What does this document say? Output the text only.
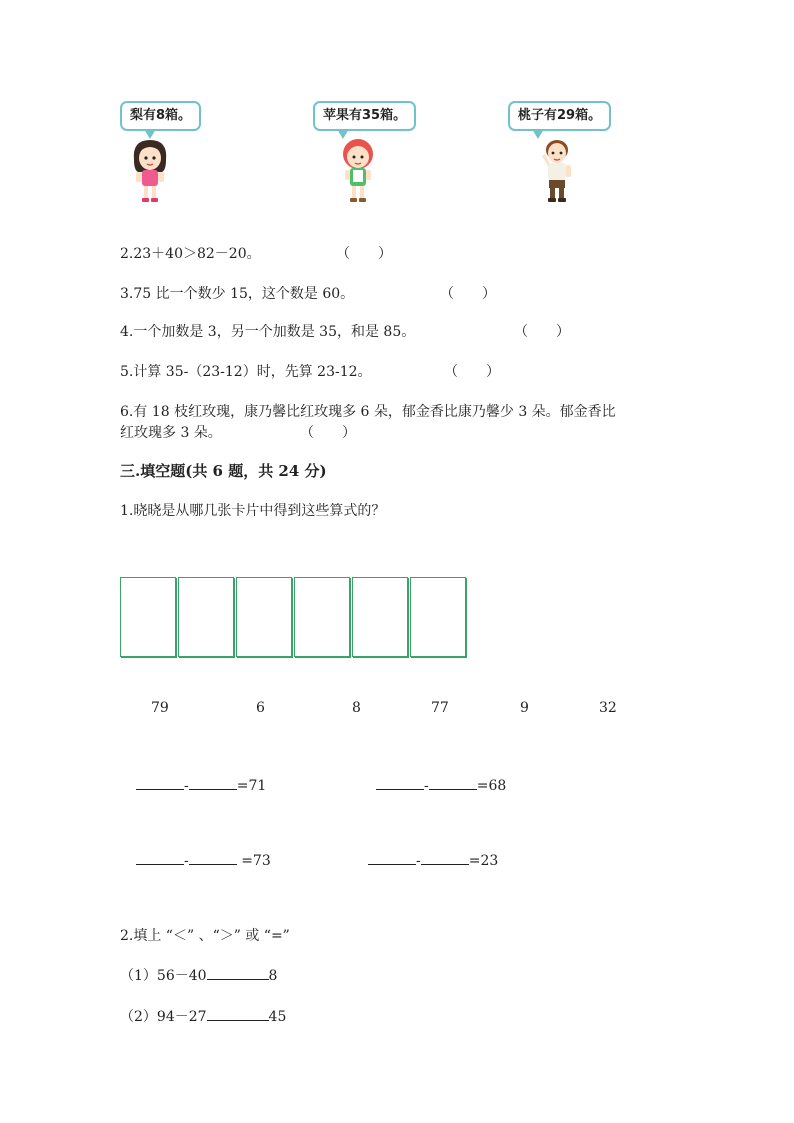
梨有8箱。	苹果有35箱。	桃子有29箱。
2.23＋40＞82－20。	（　　）
3.75 比一个数少 15，这个数是 60。	（　　）
4.一个加数是 3，另一个加数是 35，和是 85。	（　　）
5.计算 35-（23-12）时，先算 23-12。	（　　）
6.有 18 枝红玫瑰，康乃馨比红玫瑰多 6 朵，郁金香比康乃馨少 3 朵。郁金香比
红玫瑰多 3 朵。	（　　）
三.填空题(共 6 题，共 24 分)
1.晓晓是从哪几张卡片中得到这些算式的？
79	6	8	77	9	32
-	=71	-	=68
-	=73	-	=23
2.填上 “＜” 、“＞” 或 “=”
（1）56－40	8
（2）94－27	45
